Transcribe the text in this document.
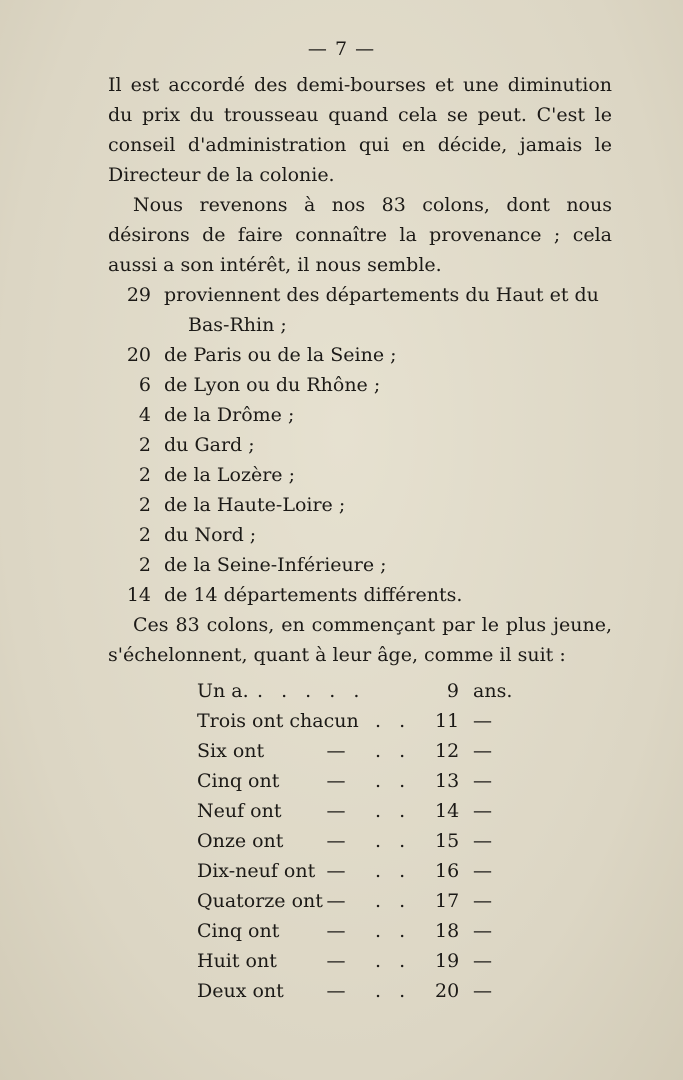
— 7 —

Il est accordé des demi-bourses et une diminution du prix du trousseau quand cela se peut. C'est le conseil d'administration qui en décide, jamais le Directeur de la colonie.

Nous revenons à nos 83 colons, dont nous désirons de faire connaître la provenance ; cela aussi a son intérêt, il nous semble.

29 proviennent des départements du Haut et du
Bas-Rhin ;
20 de Paris ou de la Seine ;
6 de Lyon ou du Rhône ;
4 de la Drôme ;
2 du Gard ;
2 de la Lozère ;
2 de la Haute-Loire ;
2 du Nord ;
2 de la Seine-Inférieure ;
14 de 14 départements différents.

Ces 83 colons, en commençant par le plus jeune, s'échelonnent, quant à leur âge, comme il suit :

Un a. . . . . .	9 ans.
Trois ont chacun . . 11 —
Six ont	— . . 12 —
Cinq ont — . . 13 —
Neuf ont — . . 14 —
Onze ont — . . 15 —
Dix-neuf ont — . . 16 —
Quatorze ont — . . 17 —
Cinq ont — . . 18 —
Huit ont	— . . 19 —
Deux ont — . . 20 —
